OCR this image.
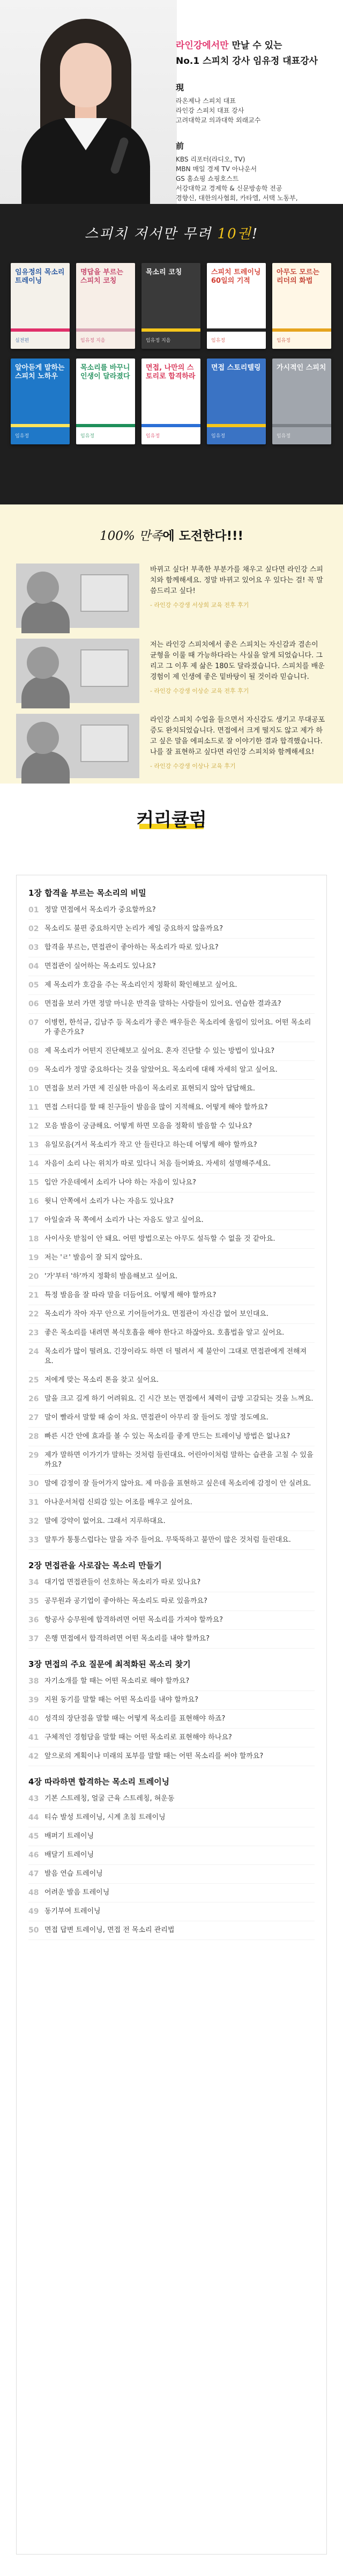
라인강에서만 만날 수 있는
No.1 스피치 강사 임유정 대표강사
現
라온제나 스피치 대표
라인강 스피치 대표 강사
고려대학교 의과대학 외래교수
前
KBS 리포터(라디오, TV)
MBN 매일 경제 TV 아나운서
GS 홈쇼핑 쇼핑호스트
서강대학교 경제학 & 신문방송학 전공
경향신, 대한의사협회, 카타엘, 서택 노동부,
스피치 저서만 무려 10권!
임유정의 목소리 트레이닝
실전편
명답을 부르는 스피치 코칭
임유정 지음
목소리 코칭
임유정 지음
스피치 트레이닝 60일의 기적
임유정
아무도 모르는 리더의 화법
임유정
알아듣게 말하는 스피치 노하우
임유정
목소리를 바꾸니 인생이 달라졌다
임유정
면접, 나만의 스토리로 합격하라
임유정
면접 스토리텔링
임유정
가시적인 스피치
임유정
100% 만족에 도전한다!!!
바뀌고 싶다! 부족한 부분가를 채우고 싶다면 라인강 스피치와 함께해세요. 정말 바뀌고 있어요 우 있다는 걸! 꼭 말씀드리고 싶다!
- 라인강 수강생 서상희 교육 전후 후기
저는 라인강 스피치에서 좋은 스피치는 자신감과 겸손이 균형을 이룰 때 가능하다라는 사실을 알게 되었습니다. 그리고 그 이후 제 삶은 180도 달라졌습니다. 스피치를 배운 경험이 제 인생에 좋은 밑바탕이 될 것이라 믿습니다.
- 라인강 수강생 이상순 교육 전후 후기
라인강 스피치 수업을 들으면서 자신감도 생기고 무대공포증도 완치되었습니다. 면접에서 크게 떨지도 않고 제가 하고 싶은 말을 에피소드로 잘 이야기한 결과 합격했습니다. 나를 잘 표현하고 싶다면 라인강 스피치와 함께해세요!
- 라인강 수강생 이상나 교육 후기
커리큘럼
1장 합격을 부르는 목소리의 비밀
01 정말 면접에서 목소리가 중요할까요?
02 목소리도 불편 중요하지만 논리가 제일 중요하지 않을까요?
03 합격을 부르는, 면접관이 좋아하는 목소리가 따로 있나요?
04 면접관이 실어하는 목소리도 있나요?
05 제 목소리가 호감을 주는 목소리인지 정확히 확인해보고 싶어요.
06 면접을 보러 가면 정말 마니운 반격을 말하는 사람들이 있어요. 연습한 결과죠?
07 이병헌, 한석규, 김남주 등 목소리가 좋은 배우들은 목소리에 울림이 있어요. 어떤 목소리가 좋은가요?
08 제 목소리가 어떤지 진단해보고 싶어요. 혼자 진단할 수 있는 방법이 있나요?
09 목소리가 정말 중요하다는 것을 알았어요. 목소리에 대해 자세히 알고 싶어요.
10 면접을 보러 가면 제 진실한 마음이 목소리로 표현되지 않아 답답해요.
11 면접 스터디를 할 때 친구들이 발음을 많이 지적해요. 어떻게 해야 할까요?
12 모음 발음이 궁금해요. 어떻게 하면 모음을 정확히 발음할 수 있나요?
13 유일모음(겨서 목소리가 작고 안 들린다고 하는데 어떻게 해야 할까요?
14 자음이 소리 나는 위치가 따로 있다니 처음 들어봐요. 자세히 설명해주세요.
15 입안 가운데에서 소리가 나야 하는 자음이 있나요?
16 윗니 안쪽에서 소리가 나는 자음도 있나요?
17 아일술과 목 쪽에서 소리가 나는 자음도 알고 싶어요.
18 사이사옷 받침이 안 돼요. 어떤 방법으로는 아무도 설득할 수 없을 것 같아요.
19 저는 'ㄹ' 발음이 잘 되지 않아요.
20 '가'부터 '하'까지 정확히 발음해보고 싶어요.
21 특정 발음을 잘 따라 말을 더듬어요. 어떻게 해야 할까요?
22 목소리가 작아 자꾸 안으로 기어들어가요. 면접관이 자신감 없어 보인대요.
23 좋은 목소리를 내려면 복식호흡을 해야 한다고 하잖아요. 호흡법을 알고 싶어요.
24 목소리가 많이 떨려요. 긴장이라도 하면 더 떨려서 제 불안이 그대로 면접관에게 전해져요.
25 저에게 맞는 목소리 톤을 찾고 싶어요.
26 말을 크고 길게 하기 어려워요. 긴 시간 보는 면접에서 체력이 급방 고갈되는 것을 느껴요.
27 말이 빨라서 말할 때 숨이 차요. 면접관이 아무리 잘 들어도 정말 정도예요.
28 빠른 시간 안에 효과를 볼 수 있는 목소리를 좋게 만드는 트레이닝 방법은 없나요?
29 제가 말하면 이가기가 말하는 것처럼 들린대요. 어린아이처럼 말하는 습관을 고칠 수 있을까요?
30 말에 감정이 잘 들어가지 않아요. 제 마음을 표현하고 싶은데 목소리에 감정이 안 실려요.
31 아나운서처럼 신뢰감 있는 어조를 배우고 싶어요.
32 말에 강약이 없어요. 그래서 지루하대요.
33 말투가 통통스럽다는 말을 자주 들어요. 무뚝뚝하고 불만이 많은 것처럼 들린대요.
2장 면접관을 사로잡는 목소리 만들기
34 대기업 면접관들이 선호하는 목소리가 따로 있나요?
35 공무원과 공기업이 좋아하는 목소리도 따로 있을까요?
36 항공사 승무원에 합격하려면 어떤 목소리를 가져야 할까요?
37 은행 면접에서 합격하려면 어떤 목소리를 내야 할까요?
3장 면접의 주요 질문에 최적화된 목소리 찾기
38 자기소개를 할 때는 어떤 목소리로 해야 할까요?
39 지원 동기를 말할 때는 어떤 목소리를 내야 할까요?
40 성격의 장단점을 말할 때는 어떻게 목소리를 표현해야 하죠?
41 구체적인 경험담을 말할 때는 어떤 목소리로 표현해야 하나요?
42 앞으로의 계획이나 미래의 포부를 말할 때는 어떤 목소리를 써야 할까요?
4장 따라하면 합격하는 목소리 트레이닝
43 기본 스트레칭, 얼굴 근육 스트레칭, 혀운동
44 티슈 발성 트레이닝, 시계 초침 트레이닝
45 배퍼기 트레이닝
46 배달기 트레이닝
47 발음 연습 트레이닝
48 어려운 발음 트레이닝
49 동기부여 트레이닝
50 면접 답변 트레이닝, 면접 전 목소리 관리법
